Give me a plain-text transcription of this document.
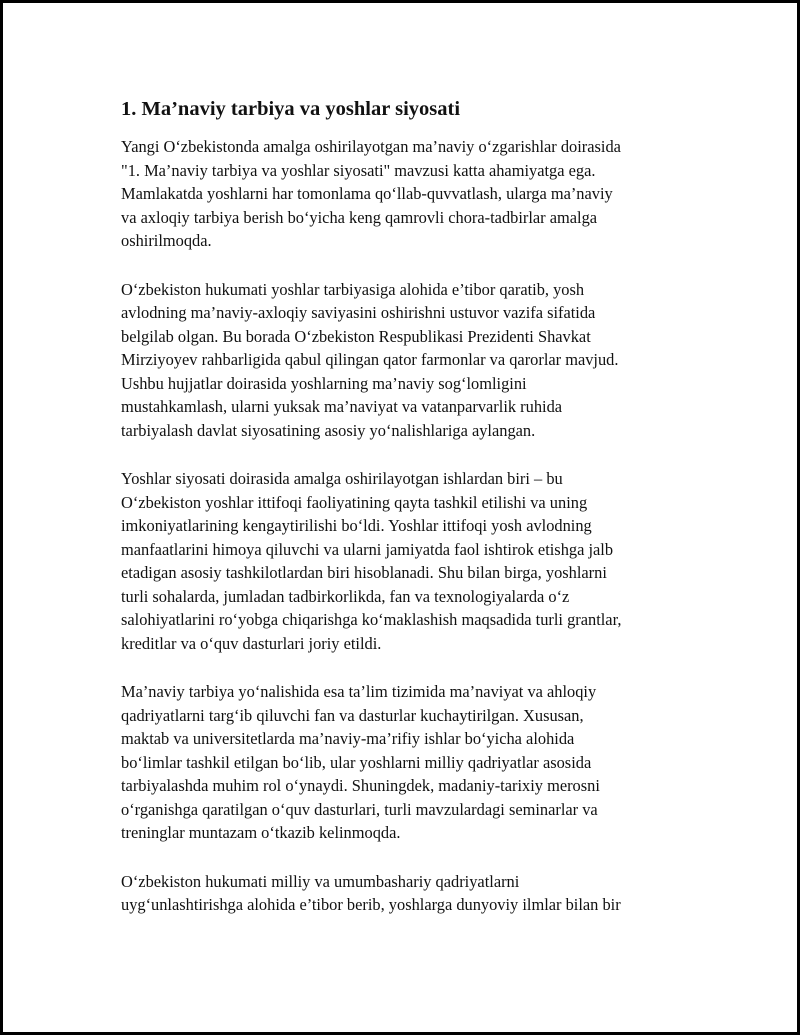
1. Ma’naviy tarbiya va yoshlar siyosati

Yangi O‘zbekistonda amalga oshirilayotgan ma’naviy o‘zgarishlar doirasida
"1. Ma’naviy tarbiya va yoshlar siyosati" mavzusi katta ahamiyatga ega.
Mamlakatda yoshlarni har tomonlama qo‘llab-quvvatlash, ularga ma’naviy
va axloqiy tarbiya berish bo‘yicha keng qamrovli chora-tadbirlar amalga
oshirilmoqda.

O‘zbekiston hukumati yoshlar tarbiyasiga alohida e’tibor qaratib, yosh
avlodning ma’naviy-axloqiy saviyasini oshirishni ustuvor vazifa sifatida
belgilab olgan. Bu borada O‘zbekiston Respublikasi Prezidenti Shavkat
Mirziyoyev rahbarligida qabul qilingan qator farmonlar va qarorlar mavjud.
Ushbu hujjatlar doirasida yoshlarning ma’naviy sog‘lomligini
mustahkamlash, ularni yuksak ma’naviyat va vatanparvarlik ruhida
tarbiyalash davlat siyosatining asosiy yo‘nalishlariga aylangan.

Yoshlar siyosati doirasida amalga oshirilayotgan ishlardan biri – bu
O‘zbekiston yoshlar ittifoqi faoliyatining qayta tashkil etilishi va uning
imkoniyatlarining kengaytirilishi bo‘ldi. Yoshlar ittifoqi yosh avlodning
manfaatlarini himoya qiluvchi va ularni jamiyatda faol ishtirok etishga jalb
etadigan asosiy tashkilotlardan biri hisoblanadi. Shu bilan birga, yoshlarni
turli sohalarda, jumladan tadbirkorlikda, fan va texnologiyalarda o‘z
salohiyatlarini ro‘yobga chiqarishga ko‘maklashish maqsadida turli grantlar,
kreditlar va o‘quv dasturlari joriy etildi.

Ma’naviy tarbiya yo‘nalishida esa ta’lim tizimida ma’naviyat va ahloqiy
qadriyatlarni targ‘ib qiluvchi fan va dasturlar kuchaytirilgan. Xususan,
maktab va universitetlarda ma’naviy-ma’rifiy ishlar bo‘yicha alohida
bo‘limlar tashkil etilgan bo‘lib, ular yoshlarni milliy qadriyatlar asosida
tarbiyalashda muhim rol o‘ynaydi. Shuningdek, madaniy-tarixiy merosni
o‘rganishga qaratilgan o‘quv dasturlari, turli mavzulardagi seminarlar va
treninglar muntazam o‘tkazib kelinmoqda.

O‘zbekiston hukumati milliy va umumbashariy qadriyatlarni
uyg‘unlashtirishga alohida e’tibor berib, yoshlarga dunyoviy ilmlar bilan bir
